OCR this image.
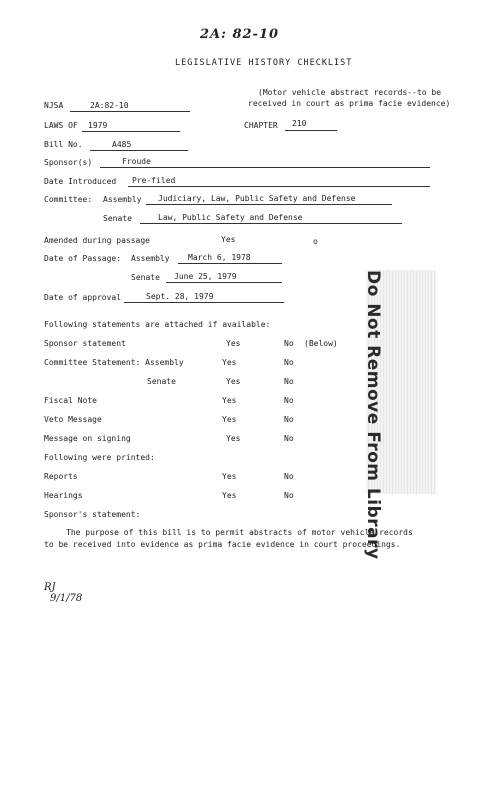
2A: 82-10
LEGISLATIVE HISTORY CHECKLIST
(Motor vehicle abstract records--to be
received in court as prima facie evidence)
NJSA	2A:82-10
LAWS OF 1979	CHAPTER 210
Bill No.	A485
Sponsor(s)	Froude
Date Introduced Pre-filed
Committee: Assembly Judiciary, Law, Public Safety and Defense
Senate	Law, Public Safety and Defense
Amended during passage	Yes	o
Date of Passage: Assembly March 6, 1978
Senate June 25, 1979
Date of approval	Sept. 28, 1979
Following statements are attached if available:
Sponsor statement	Yes	No (Below)
Committee Statement: Assembly	Yes	No
Senate	Yes	No
Fiscal Note	Yes	No
Veto Message	Yes	No
Message on signing	Yes	No
Following were printed:
Reports	Yes	No
Hearings	Yes	No
Sponsor's statement:

The purpose of this bill is to permit abstracts of motor vehicle records

to be received into evidence as prima facie evidence in court proceedings.
RJ
9/1/78
Do Not Remove From Library
